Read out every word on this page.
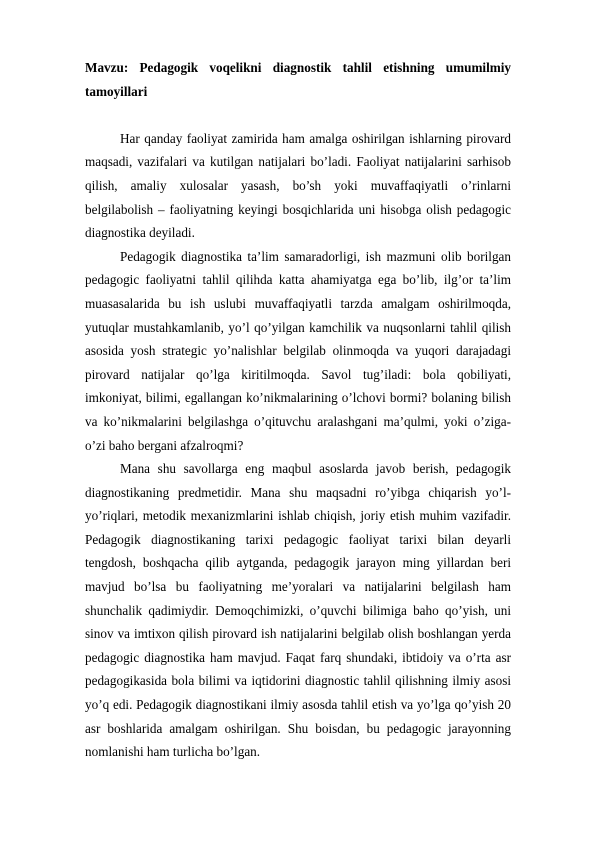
Mavzu: Pedagogik voqelikni diagnostik tahlil etishning umumilmiy tamoyillari

Har qanday faoliyat zamirida ham amalga oshirilgan ishlarning pirovard maqsadi, vazifalari va kutilgan natijalari bo’ladi. Faoliyat natijalarini sarhisob qilish, amaliy xulosalar yasash, bo’sh yoki muvaffaqiyatli o’rinlarni belgilabolish – faoliyatning keyingi bosqichlarida uni hisobga olish pedagogic diagnostika deyiladi.

Pedagogik diagnostika ta’lim samaradorligi, ish mazmuni olib borilgan pedagogic faoliyatni tahlil qilihda katta ahamiyatga ega bo’lib, ilg’or ta’lim muasasalarida bu ish uslubi muvaffaqiyatli tarzda amalgam oshirilmoqda, yutuqlar mustahkamlanib, yo’l qo’yilgan kamchilik va nuqsonlarni tahlil qilish asosida yosh strategic yo’nalishlar belgilab olinmoqda va yuqori darajadagi pirovard natijalar qo’lga kiritilmoqda. Savol tug’iladi: bola qobiliyati, imkoniyat, bilimi, egallangan ko’nikmalarining o’lchovi bormi? bolaning bilish va ko’nikmalarini belgilashga o’qituvchu aralashgani ma’qulmi, yoki o’ziga-o’zi baho bergani afzalroqmi?

Mana shu savollarga eng maqbul asoslarda javob berish, pedagogik diagnostikaning predmetidir. Mana shu maqsadni ro’yibga chiqarish yo’l-yo’riqlari, metodik mexanizmlarini ishlab chiqish, joriy etish muhim vazifadir. Pedagogik diagnostikaning tarixi pedagogic faoliyat tarixi bilan deyarli tengdosh, boshqacha qilib aytganda, pedagogik jarayon ming yillardan beri mavjud bo’lsa bu faoliyatning me’yoralari va natijalarini belgilash ham shunchalik qadimiydir. Demoqchimizki, o’quvchi bilimiga baho qo’yish, uni sinov va imtixon qilish pirovard ish natijalarini belgilab olish boshlangan yerda pedagogic diagnostika ham mavjud. Faqat farq shundaki, ibtidoiy va o’rta asr pedagogikasida bola bilimi va iqtidorini diagnostic tahlil qilishning ilmiy asosi yo’q edi. Pedagogik diagnostikani ilmiy asosda tahlil etish va yo’lga qo’yish 20 asr boshlarida amalgam oshirilgan. Shu boisdan, bu pedagogic jarayonning nomlanishi ham turlicha bo’lgan.
